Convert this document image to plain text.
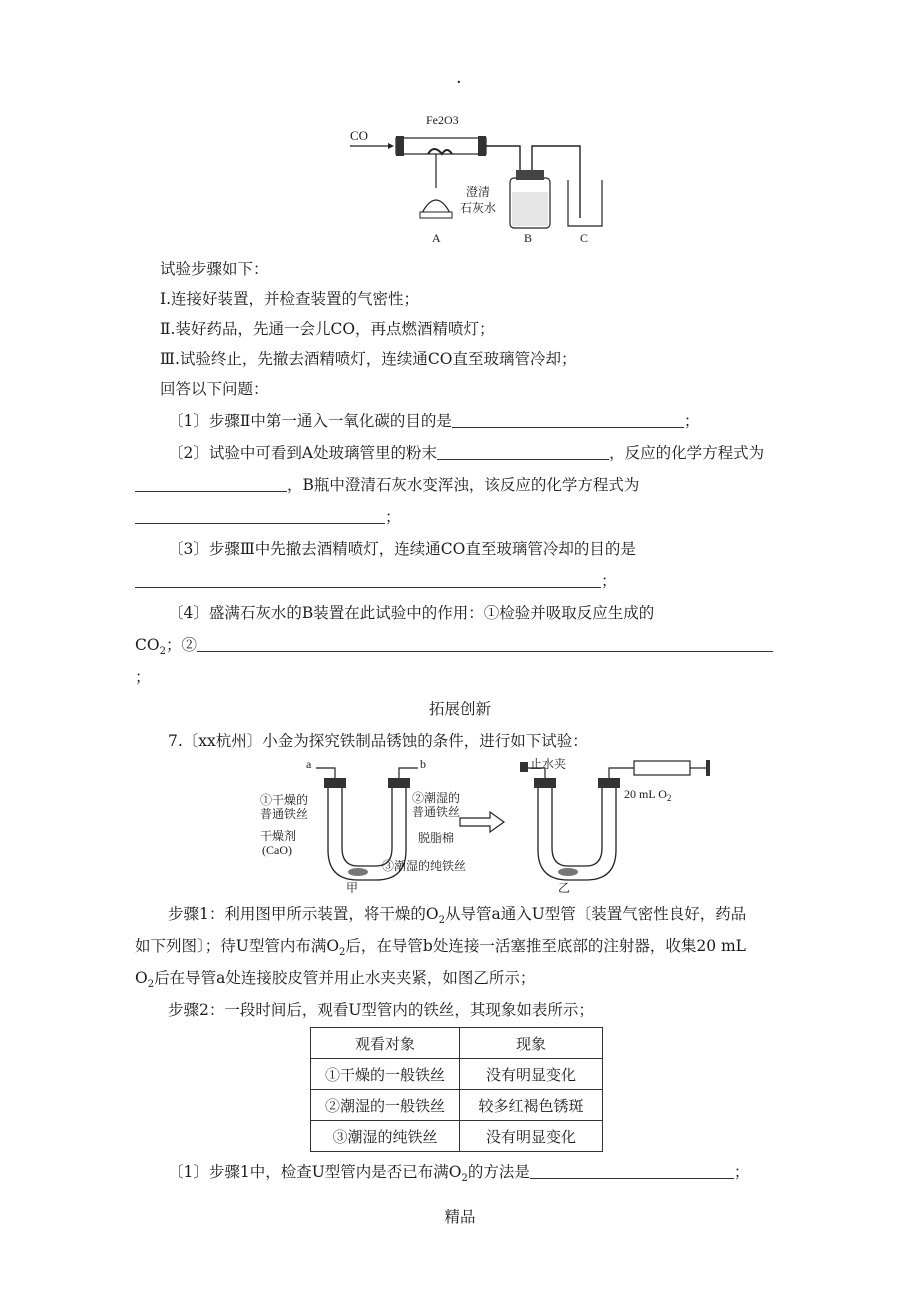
·
CO
Fe2O3
澄清
石灰水
A	B	C
试验步骤如下：
Ⅰ.连接好装置，并检查装置的气密性；
Ⅱ.装好药品，先通一会儿CO，再点燃酒精喷灯；
Ⅲ.试验终止，先撤去酒精喷灯，连续通CO直至玻璃管冷却；
回答以下问题：
〔1〕步骤Ⅱ中第一通入一氧化碳的目的是	；
〔2〕试验中可看到A处玻璃管里的粉末	，反应的化学方程式为
，B瓶中澄清石灰水变浑浊，该反应的化学方程式为
；
〔3〕步骤Ⅲ中先撤去酒精喷灯，连续通CO直至玻璃管冷却的目的是
；
〔4〕盛满石灰水的B装置在此试验中的作用：①检验并吸取反应生成的
$CO_2$；②
；
拓展创新
7.〔xx杭州〕小金为探究铁制品锈蚀的条件，进行如下试验：
a	b
①干燥的
普通铁丝
干燥剂
(CaO)
②潮湿的
普通铁丝
脱脂棉
③潮湿的纯铁丝
甲
止水夹
20 mL $O_2$
乙
步骤1：利用图甲所示装置，将干燥的$O_2$从导管a通入U型管〔装置气密性良好，药品
如下列图〕；待U型管内布满$O_2$后，在导管b处连接一活塞推至底部的注射器，收集20 mL
$O_2$后在导管a处连接胶皮管并用止水夹夹紧，如图乙所示；
步骤2：一段时间后，观看U型管内的铁丝，其现象如表所示；
观看对象	现象
①干燥的一般铁丝	没有明显变化
②潮湿的一般铁丝	较多红褐色锈斑
③潮湿的纯铁丝	没有明显变化
〔1〕步骤1中，检查U型管内是否已布满$O_2$的方法是	；
精品
